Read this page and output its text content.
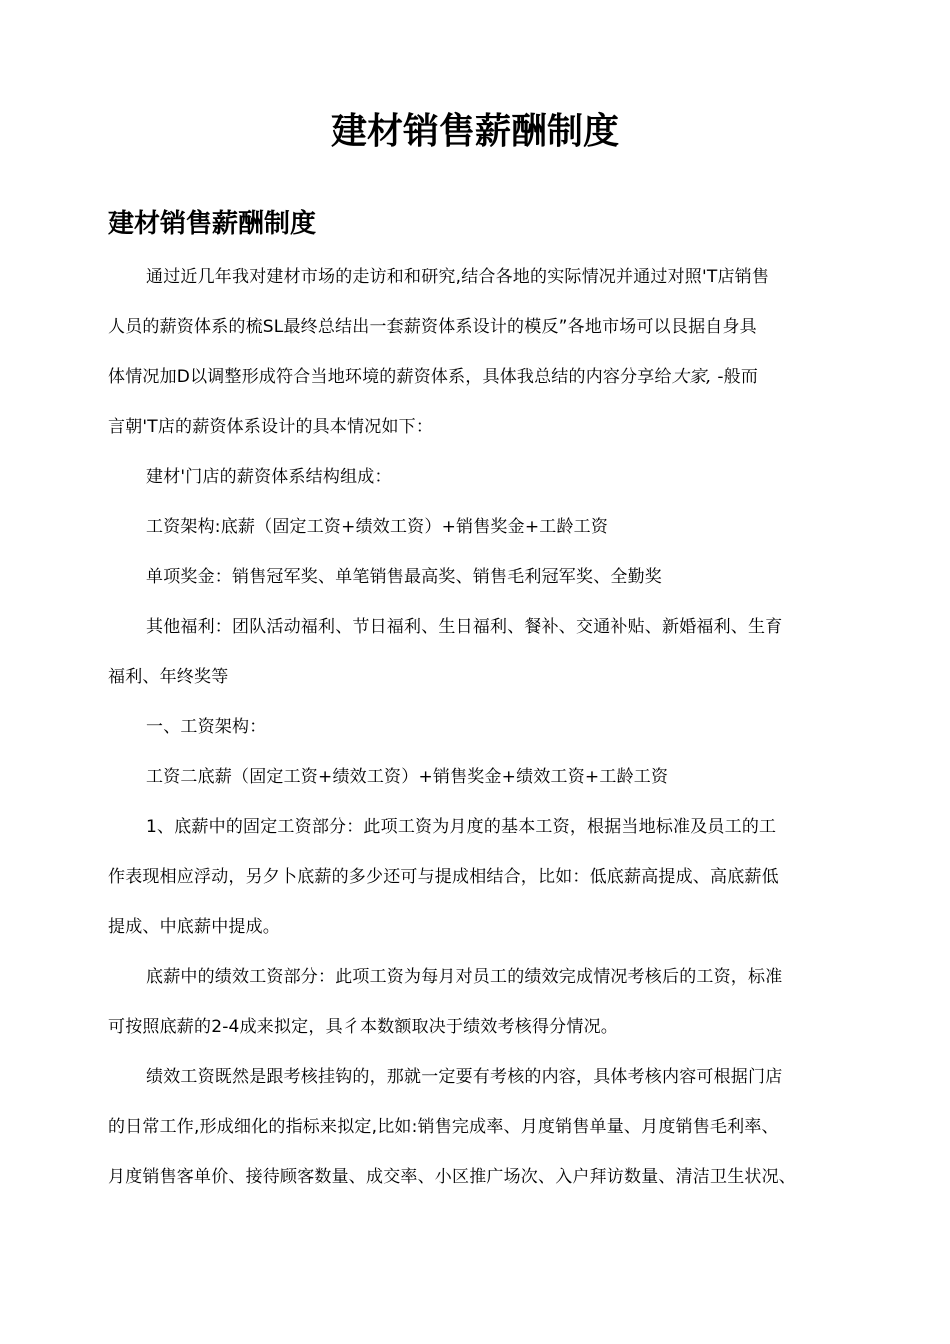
建材销售薪酬制度
建材销售薪酬制度
通过近几年我对建材市场的走访和和研究,结合各地的实际情况并通过对照'T店销售
人员的薪资体系的梳SL最终总结出一套薪资体系设计的模反”各地市场可以艮据自身具
体情况加D以调整形成符合当地环境的薪资体系，具体我总结的内容分享给大家, -般而
言朝'T店的薪资体系设计的具本情况如下：
建材'门店的薪资体系结构组成：
工资架构:底薪（固定工资+绩效工资）+销售奖金+工龄工资
单项奖金：销售冠军奖、单笔销售最高奖、销售毛利冠军奖、全勤奖
其他福利：团队活动福利、节日福利、生日福利、餐补、交通补贴、新婚福利、生育
福利、年终奖等
一、工资架构：
工资二底薪（固定工资+绩效工资）+销售奖金+绩效工资+工龄工资
1、底薪中的固定工资部分：此项工资为月度的基本工资，根据当地标准及员工的工
作表现相应浮动，另夕卜底薪的多少还可与提成相结合，比如：低底薪高提成、高底薪低
提成、中底薪中提成。
底薪中的绩效工资部分：此项工资为每月对员工的绩效完成情况考核后的工资，标准
可按照底薪的2-4成来拟定，具彳本数额取决于绩效考核得分情况。
绩效工资既然是跟考核挂钩的，那就一定要有考核的内容，具体考核内容可根据门店
的日常工作,形成细化的指标来拟定,比如:销售完成率、月度销售单量、月度销售毛利率、
月度销售客单价、接待顾客数量、成交率、小区推广场次、入户拜访数量、清洁卫生状况、
